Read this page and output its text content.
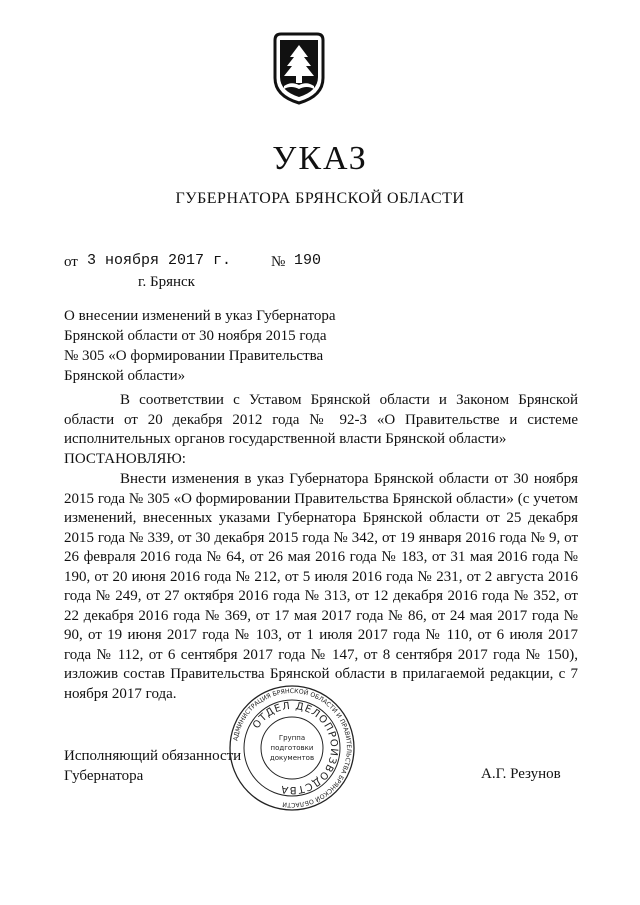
УКАЗ
ГУБЕРНАТОРА БРЯНСКОЙ ОБЛАСТИ
от 3 ноября 2017 г.	№ 190
г. Брянск
О внесении изменений в указ Губернатора
Брянской области от 30 ноября 2015 года
№ 305 «О формировании Правительства
Брянской области»
В соответствии с Уставом Брянской области и Законом Брянской области от 20 декабря 2012 года № 92-З «О Правительстве и системе исполнительных органов государственной власти Брянской области»
ПОСТАНОВЛЯЮ:
Внести изменения в указ Губернатора Брянской области от 30 ноября 2015 года № 305 «О формировании Правительства Брянской области» (с учетом изменений, внесенных указами Губернатора Брянской области от 25 декабря 2015 года № 339, от 30 декабря 2015 года № 342, от 19 января 2016 года № 9, от 26 февраля 2016 года № 64, от 26 мая 2016 года № 183, от 31 мая 2016 года № 190, от 20 июня 2016 года № 212, от 5 июля 2016 года № 231, от 2 августа 2016 года № 249, от 27 октября 2016 года № 313, от 12 декабря 2016 года № 352, от 22 декабря 2016 года № 369, от 17 мая 2017 года № 86, от 24 мая 2017 года № 90, от 19 июня 2017 года № 103, от 1 июля 2017 года № 110, от 6 июля 2017 года № 112, от 6 сентября 2017 года № 147, от 8 сентября 2017 года № 150), изложив состав Правительства Брянской области в прилагаемой редакции, с 7 ноября 2017 года.
Исполняющий обязанности
Губернатора	А.Г. Резунов
АДМИНИСТРАЦИЯ БРЯНСКОЙ ОБЛАСТИ И ПРАВИТЕЛЬСТВА БРЯНСКОЙ ОБЛАСТИ
ОТДЕЛ ДЕЛОПРОИЗВОДСТВА
Группа
подготовки
документов
